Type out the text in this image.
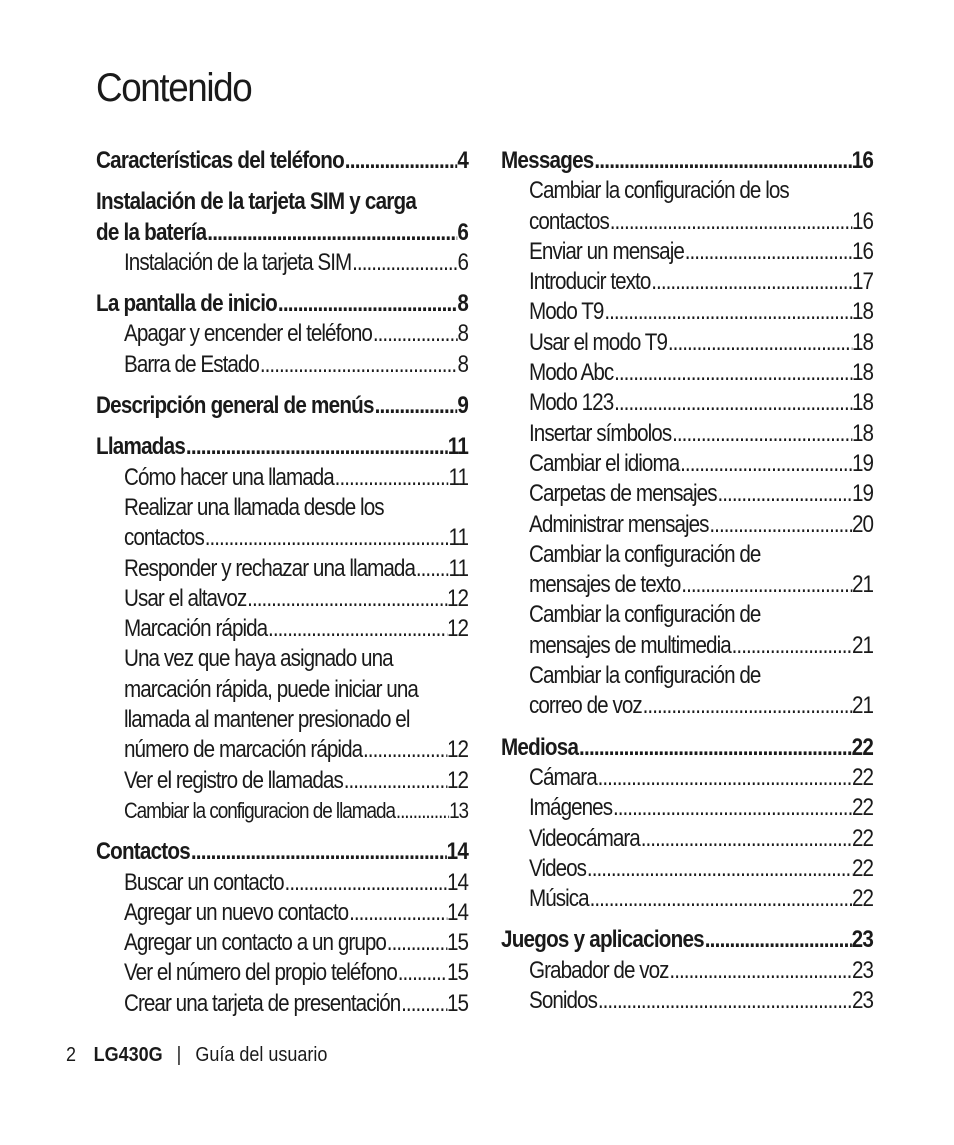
Contenido
Características del teléfono .....	4
Instalación de la tarjeta SIM y carga
de la batería .....	6
Instalación de la tarjeta SIM .....	6
La pantalla de inicio .....	8
Apagar y encender el teléfono .....	8
Barra de Estado .....	8
Descripción general de menús .....	9
Llamadas .....	11
Cómo hacer una llamada .....	11
Realizar una llamada desde los
contactos .....	11
Responder y rechazar una llamada ..... 11
Usar el altavoz .....	12
Marcación rápida .....	12
Una vez que haya asignado una
marcación rápida, puede iniciar una
llamada al mantener presionado el
número de marcación rápida .....	12
Ver el registro de llamadas .....	12
Cambiar la configuracion de llamada ..... 13
Contactos .....	14
Buscar un contacto .....	14
Agregar un nuevo contacto .....	14
Agregar un contacto a un grupo .....	15
Ver el número del propio teléfono ..... 15
Crear una tarjeta de presentación ..... 15
Messages .....	16
Cambiar la configuración de los
contactos .....	16
Enviar un mensaje .....	16
Introducir texto .....	17
Modo T9 .....	18
Usar el modo T9 .....	18
Modo Abc .....	18
Modo 123 .....	18
Insertar símbolos .....	18
Cambiar el idioma .....	19
Carpetas de mensajes .....	19
Administrar mensajes .....	20
Cambiar la configuración de
mensajes de texto .....	21
Cambiar la configuración de
mensajes de multimedia .....	21
Cambiar la configuración de
correo de voz .....	21
Mediosa .....	22
Cámara .....	22
Imágenes .....	22
Videocámara .....	22
Videos .....	22
Música .....	22
Juegos y aplicaciones .....	23
Grabador de voz .....	23
Sonidos .....	23
2 LG430G | Guía del usuario
